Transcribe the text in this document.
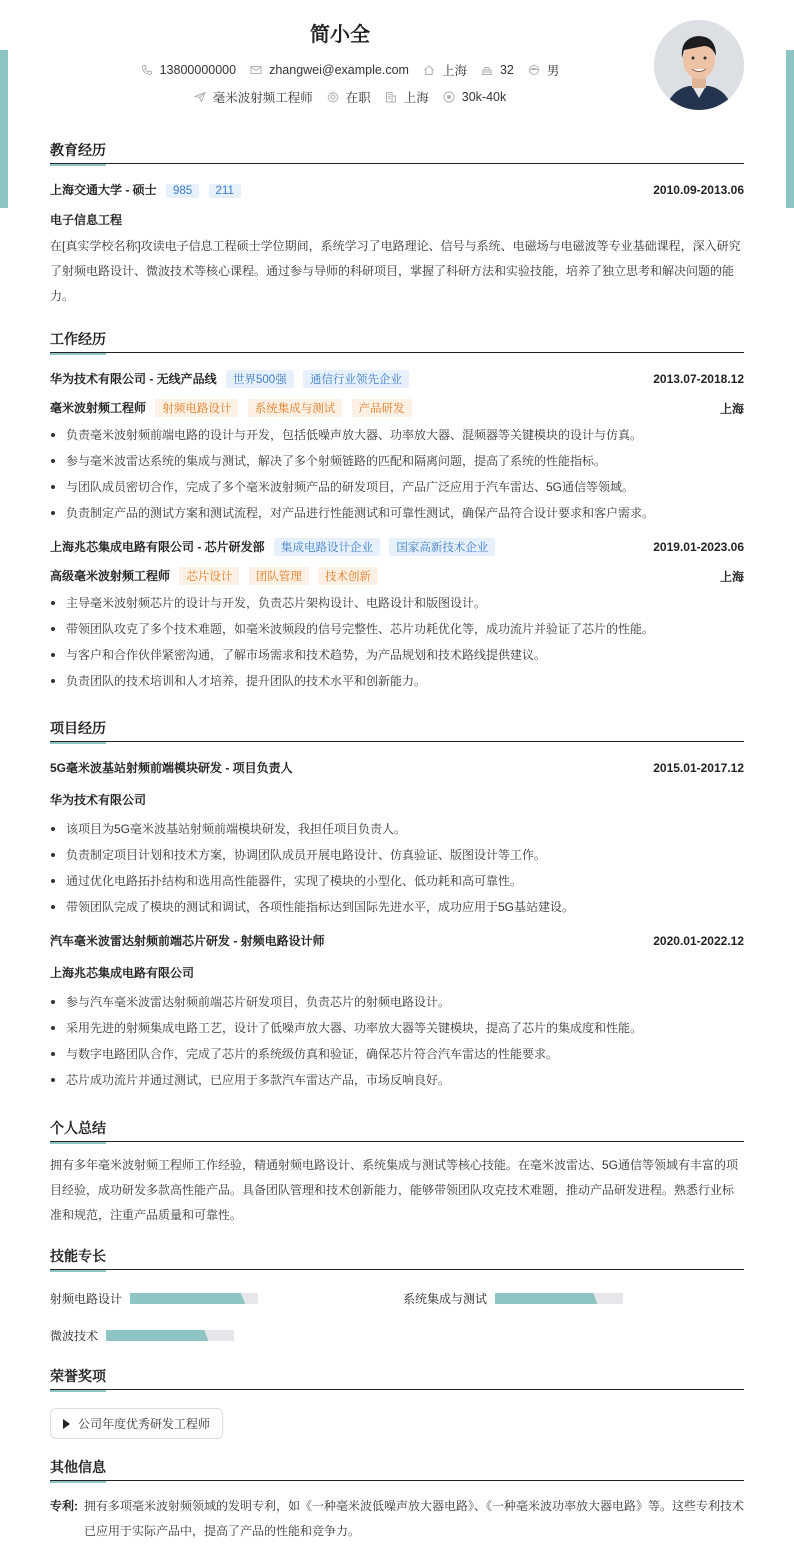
简小全
13800000000	zhangwei@example.com	上海	32	男
毫米波射频工程师	在职	上海	30k-40k
教育经历
上海交通大学 - 硕士 985 211	2010.09-2013.06
电子信息工程
在[真实学校名称]攻读电子信息工程硕士学位期间，系统学习了电路理论、信号与系统、电磁场与电磁波等专业基础课程，深入研究了射频电路设计、微波技术等核心课程。通过参与导师的科研项目，掌握了科研方法和实验技能，培养了独立思考和解决问题的能力。
工作经历
华为技术有限公司 - 无线产品线 世界500强 通信行业领先企业	2013.07-2018.12
毫米波射频工程师 射频电路设计 系统集成与测试 产品研发	上海
负责毫米波射频前端电路的设计与开发，包括低噪声放大器、功率放大器、混频器等关键模块的设计与仿真。
参与毫米波雷达系统的集成与测试，解决了多个射频链路的匹配和隔离问题，提高了系统的性能指标。
与团队成员密切合作，完成了多个毫米波射频产品的研发项目，产品广泛应用于汽车雷达、5G通信等领域。
负责制定产品的测试方案和测试流程，对产品进行性能测试和可靠性测试，确保产品符合设计要求和客户需求。
上海兆芯集成电路有限公司 - 芯片研发部 集成电路设计企业 国家高新技术企业	2019.01-2023.06
高级毫米波射频工程师 芯片设计 团队管理 技术创新	上海
主导毫米波射频芯片的设计与开发，负责芯片架构设计、电路设计和版图设计。
带领团队攻克了多个技术难题，如毫米波频段的信号完整性、芯片功耗优化等，成功流片并验证了芯片的性能。
与客户和合作伙伴紧密沟通，了解市场需求和技术趋势，为产品规划和技术路线提供建议。
负责团队的技术培训和人才培养，提升团队的技术水平和创新能力。
项目经历
5G毫米波基站射频前端模块研发 - 项目负责人	2015.01-2017.12
华为技术有限公司
该项目为5G毫米波基站射频前端模块研发，我担任项目负责人。
负责制定项目计划和技术方案，协调团队成员开展电路设计、仿真验证、版图设计等工作。
通过优化电路拓扑结构和选用高性能器件，实现了模块的小型化、低功耗和高可靠性。
带领团队完成了模块的测试和调试，各项性能指标达到国际先进水平，成功应用于5G基站建设。
汽车毫米波雷达射频前端芯片研发 - 射频电路设计师	2020.01-2022.12
上海兆芯集成电路有限公司
参与汽车毫米波雷达射频前端芯片研发项目，负责芯片的射频电路设计。
采用先进的射频集成电路工艺，设计了低噪声放大器、功率放大器等关键模块，提高了芯片的集成度和性能。
与数字电路团队合作，完成了芯片的系统级仿真和验证，确保芯片符合汽车雷达的性能要求。
芯片成功流片并通过测试，已应用于多款汽车雷达产品，市场反响良好。
个人总结
拥有多年毫米波射频工程师工作经验，精通射频电路设计、系统集成与测试等核心技能。在毫米波雷达、5G通信等领域有丰富的项目经验，成功研发多款高性能产品。具备团队管理和技术创新能力，能够带领团队攻克技术难题，推动产品研发进程。熟悉行业标准和规范，注重产品质量和可靠性。
技能专长
射频电路设计	系统集成与测试
微波技术
荣誉奖项
公司年度优秀研发工程师
其他信息
专利: 拥有多项毫米波射频领域的发明专利，如《一种毫米波低噪声放大器电路》、《一种毫米波功率放大器电路》等。这些专利技术已应用于实际产品中，提高了产品的性能和竞争力。
